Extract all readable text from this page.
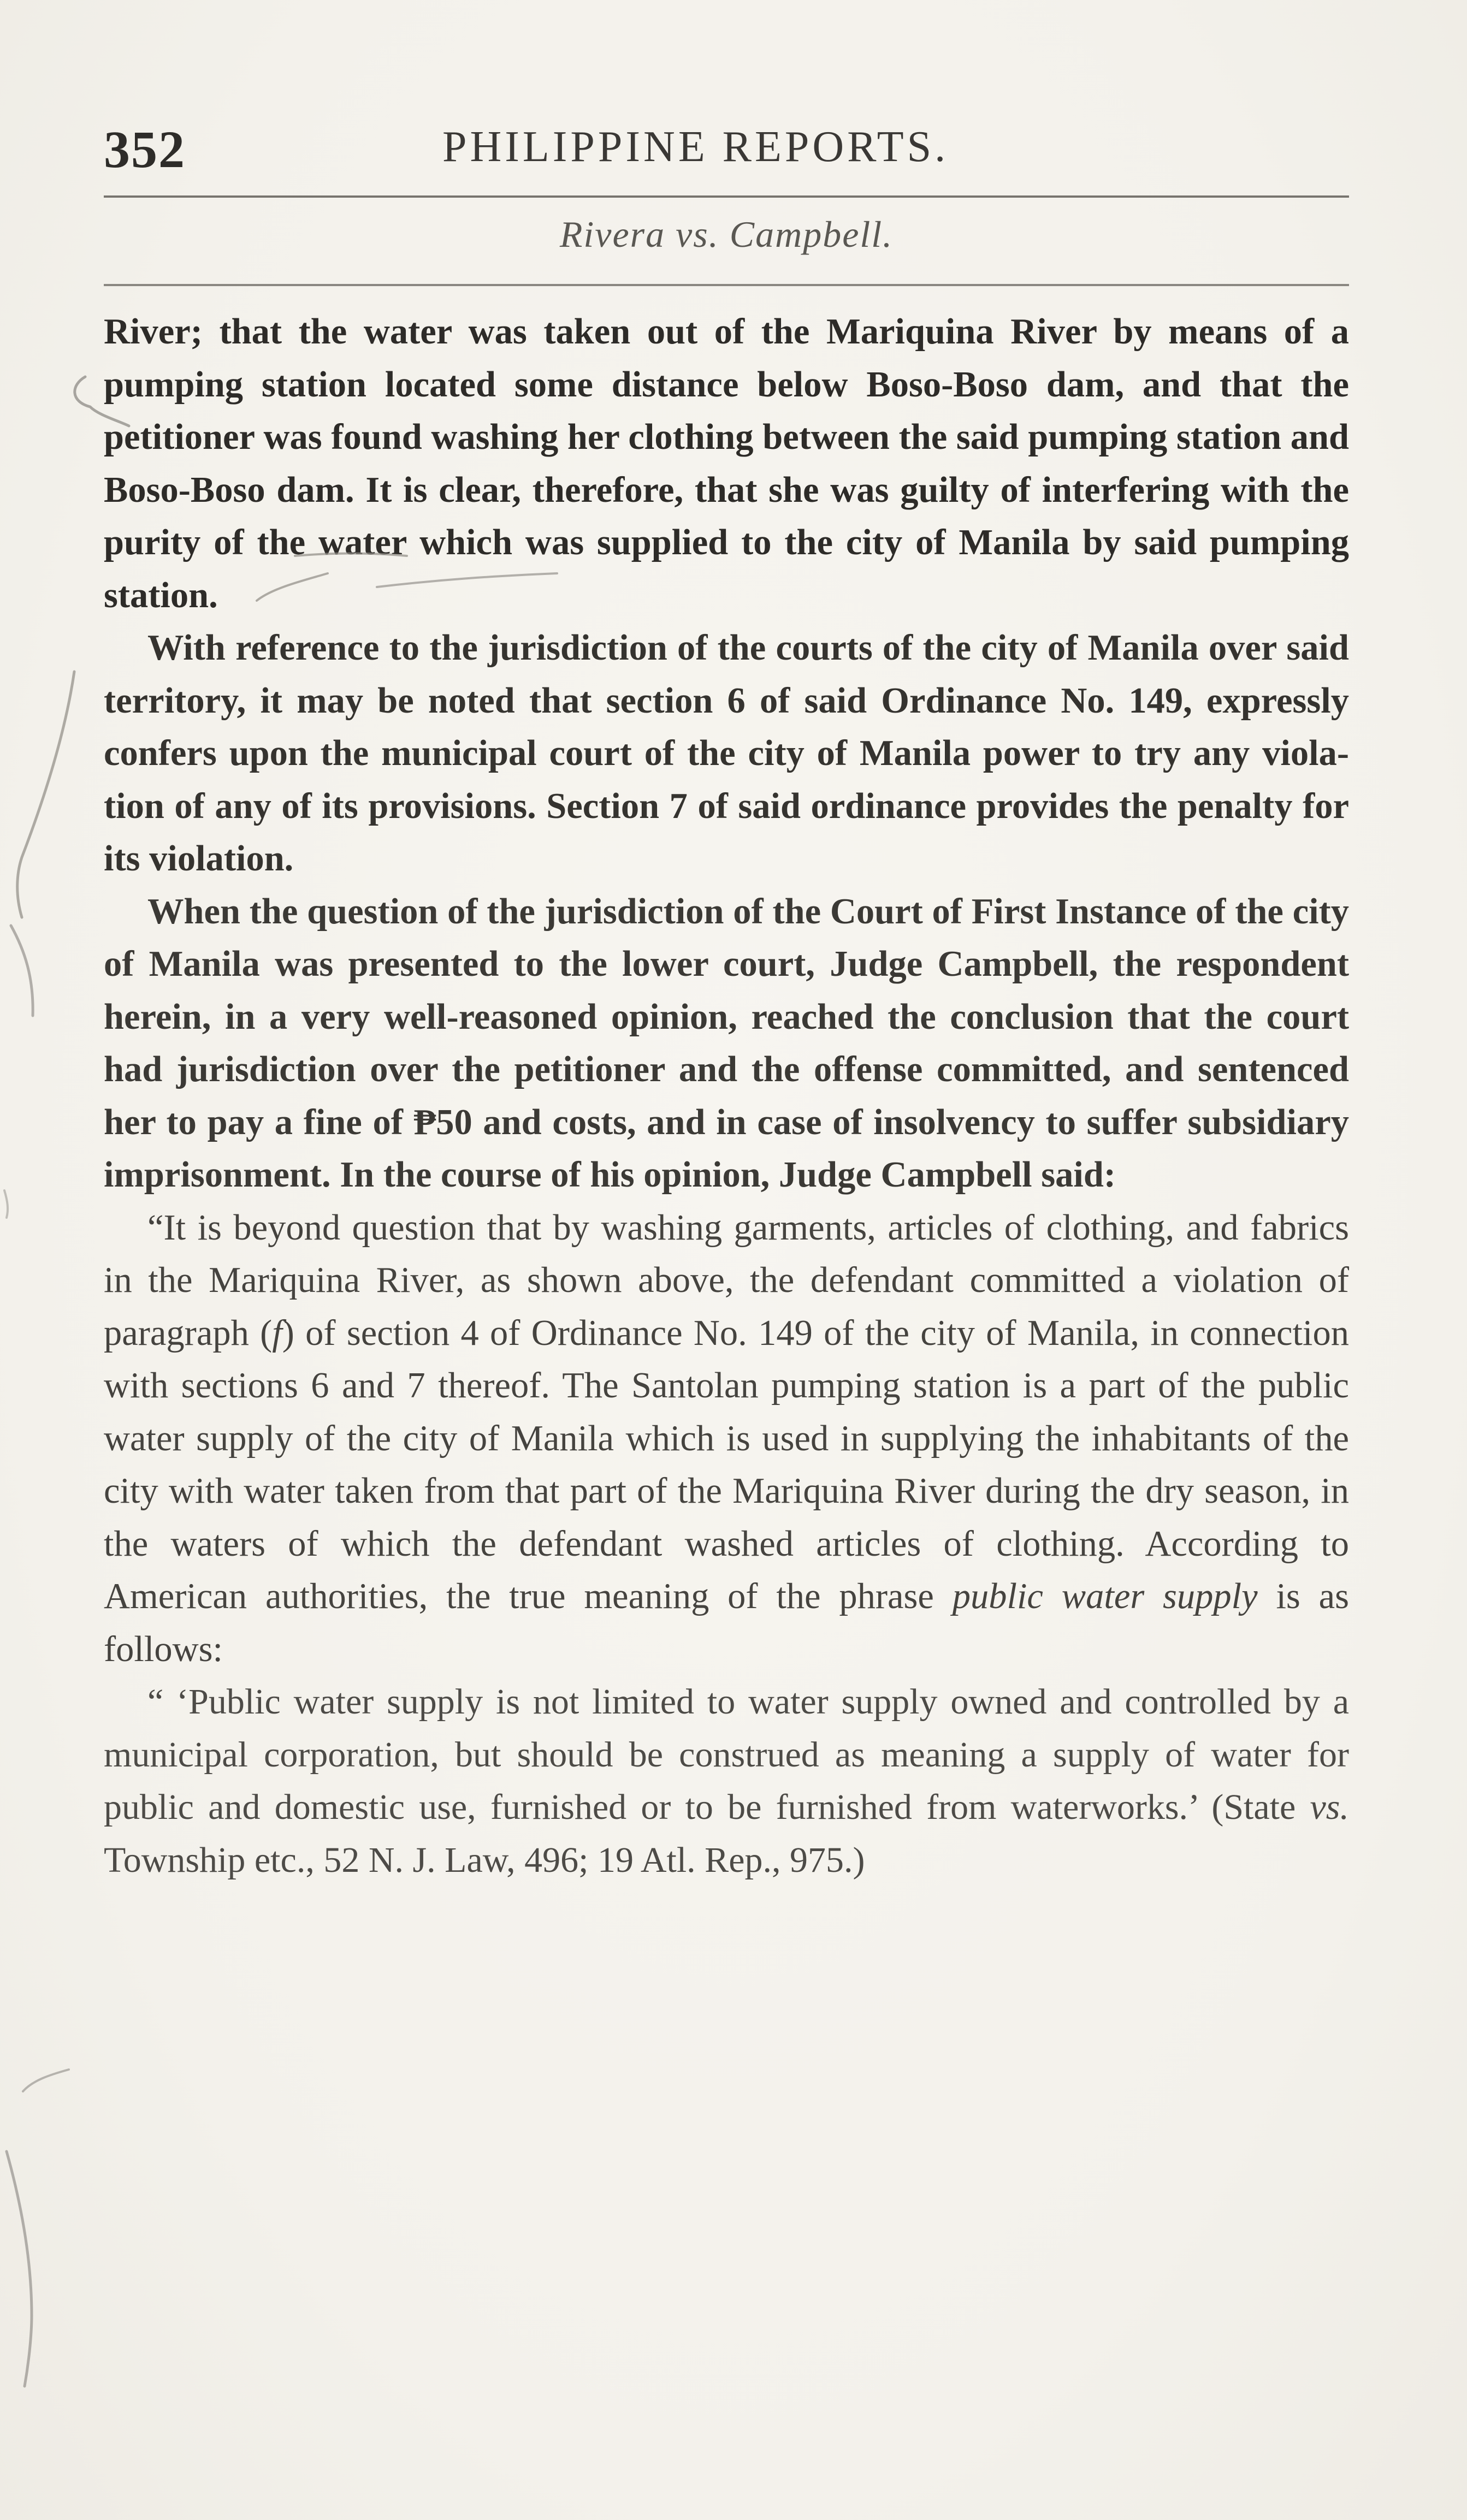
352	PHILIPPINE REPORTS.
Rivera vs. Campbell.

River; that the water was taken out of the Mariquina River by means of a pumping station located some distance below Boso-Boso dam, and that the petitioner was found washing her clothing between the said pumping station and Boso-Boso dam. It is clear, therefore, that she was guilty of interfering with the purity of the water which was supplied to the city of Manila by said pumping station.

With reference to the jurisdiction of the courts of the city of Manila over said territory, it may be noted that section 6 of said Ordinance No. 149, expressly confers upon the municipal court of the city of Manila power to try any violation of any of its provisions. Section 7 of said ordinance provides the penalty for its violation.

When the question of the jurisdiction of the Court of First Instance of the city of Manila was presented to the lower court, Judge Campbell, the respondent herein, in a very well-reasoned opinion, reached the conclusion that the court had jurisdiction over the petitioner and the offense committed, and sentenced her to pay a fine of ₱50 and costs, and in case of insolvency to suffer subsidiary imprisonment. In the course of his opinion, Judge Campbell said:

“It is beyond question that by washing garments, articles of clothing, and fabrics in the Mariquina River, as shown above, the defendant committed a violation of paragraph (f) of section 4 of Ordinance No. 149 of the city of Manila, in connection with sections 6 and 7 thereof. The Santolan pumping station is a part of the public water supply of the city of Manila which is used in supplying the inhabitants of the city with water taken from that part of the Mariquina River during the dry season, in the waters of which the defendant washed articles of clothing. According to American authorities, the true meaning of the phrase public water supply is as follows:

“ ‘Public water supply is not limited to water supply owned and controlled by a municipal corporation, but should be construed as meaning a supply of water for public and domestic use, furnished or to be furnished from waterworks.’ (State vs. Township etc., 52 N. J. Law, 496; 19 Atl. Rep., 975.)
